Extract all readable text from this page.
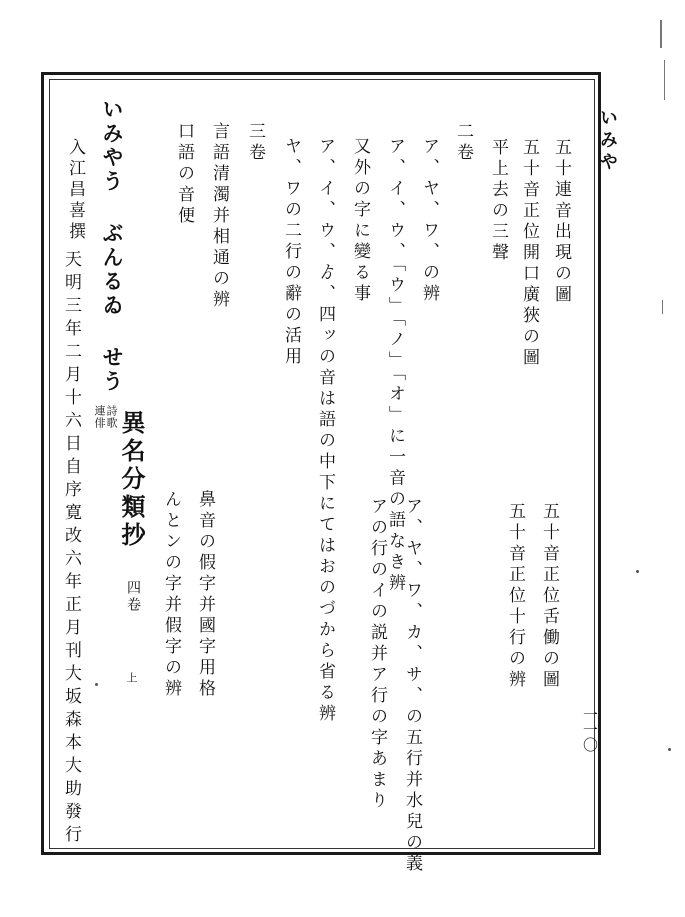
いみや
一一〇
五十連音出現の圖
五十音正位開口廣狹の圖
平上去の三聲
二卷
ア、ヤ、ワ、の辨
ア、イ、ウ、「ウ」「ノ」「オ」に一音の語なき辨
又外の字に變る事
ア、イ、ウ、ゟ、四ッの音は語の中下にてはおのづから省る辨
ヤ、ワの二行の辭の活用
三卷
言語清濁并相通の辨
口語の音便
五十音正位舌働の圖
五十音正位十行の辨
ア、ヤ、ワ、カ、サ、の五行并水兒の義
アの行のイの説并ア行の字あまり
鼻音の假字并國字用格
んとンの字并假字の辨
いみやう ぶんるゐ せう
入江昌喜撰
詩歌
連俳 異名分類抄
四卷
上
天明三年二月十六日自序寛改六年正月刊大坂森本大助發行
